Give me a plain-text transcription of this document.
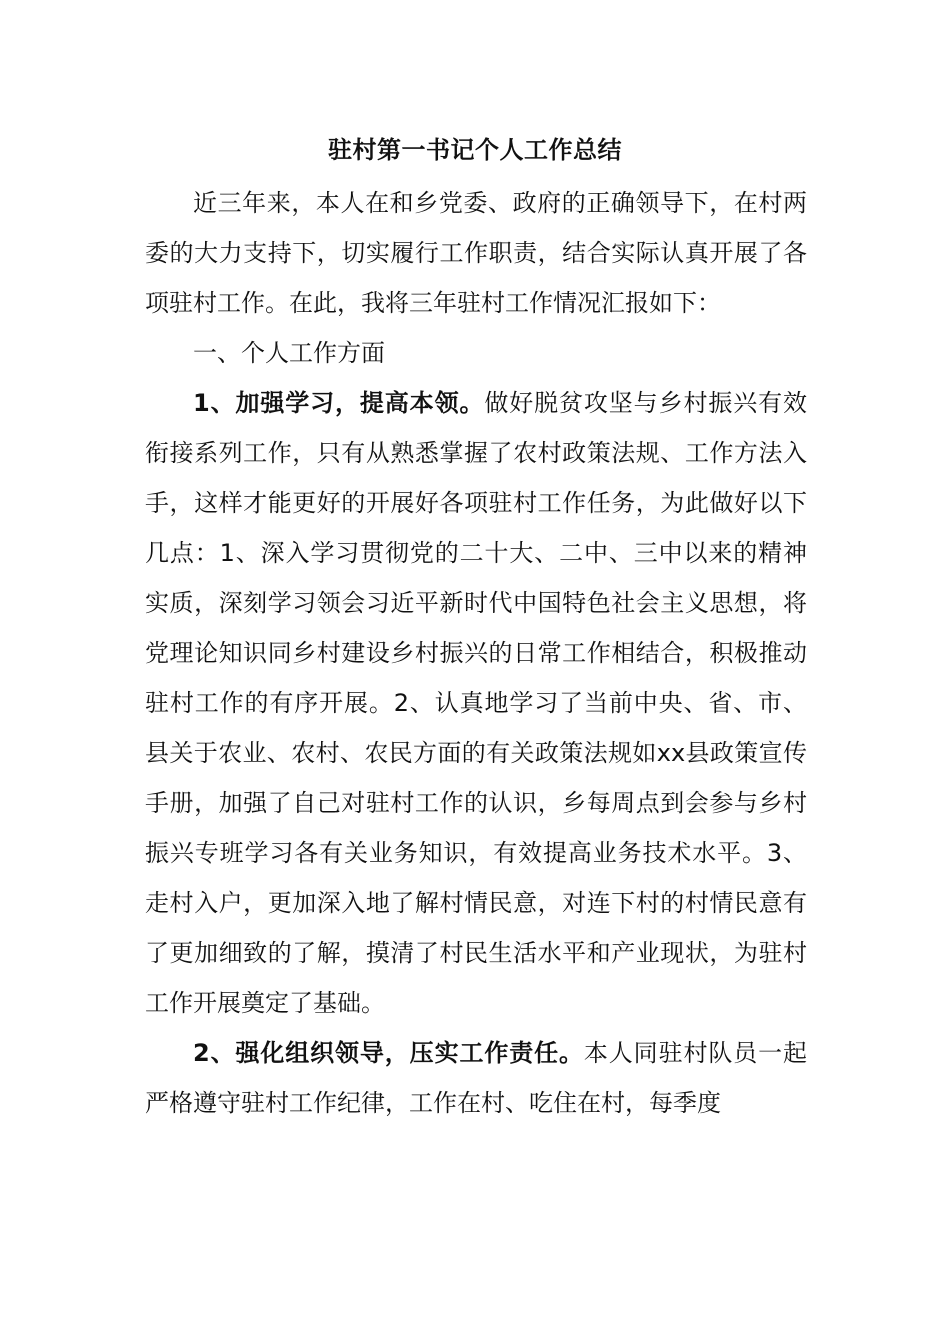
驻村第一书记个人工作总结

近三年来，本人在和乡党委、政府的正确领导下，在村两委的大力支持下，切实履行工作职责，结合实际认真开展了各项驻村工作。在此，我将三年驻村工作情况汇报如下：

一、个人工作方面

1、加强学习，提高本领。做好脱贫攻坚与乡村振兴有效衔接系列工作，只有从熟悉掌握了农村政策法规、工作方法入手，这样才能更好的开展好各项驻村工作任务，为此做好以下几点：1、深入学习贯彻党的二十大、二中、三中以来的精神实质，深刻学习领会习近平新时代中国特色社会主义思想，将党理论知识同乡村建设乡村振兴的日常工作相结合，积极推动驻村工作的有序开展。2、认真地学习了当前中央、省、市、县关于农业、农村、农民方面的有关政策法规如xx县政策宣传手册，加强了自己对驻村工作的认识，乡每周点到会参与乡村振兴专班学习各有关业务知识，有效提高业务技术水平。3、走村入户，更加深入地了解村情民意，对连下村的村情民意有了更加细致的了解，摸清了村民生活水平和产业现状，为驻村工作开展奠定了基础。

2、强化组织领导，压实工作责任。本人同驻村队员一起严格遵守驻村工作纪律，工作在村、吃住在村，每季度
